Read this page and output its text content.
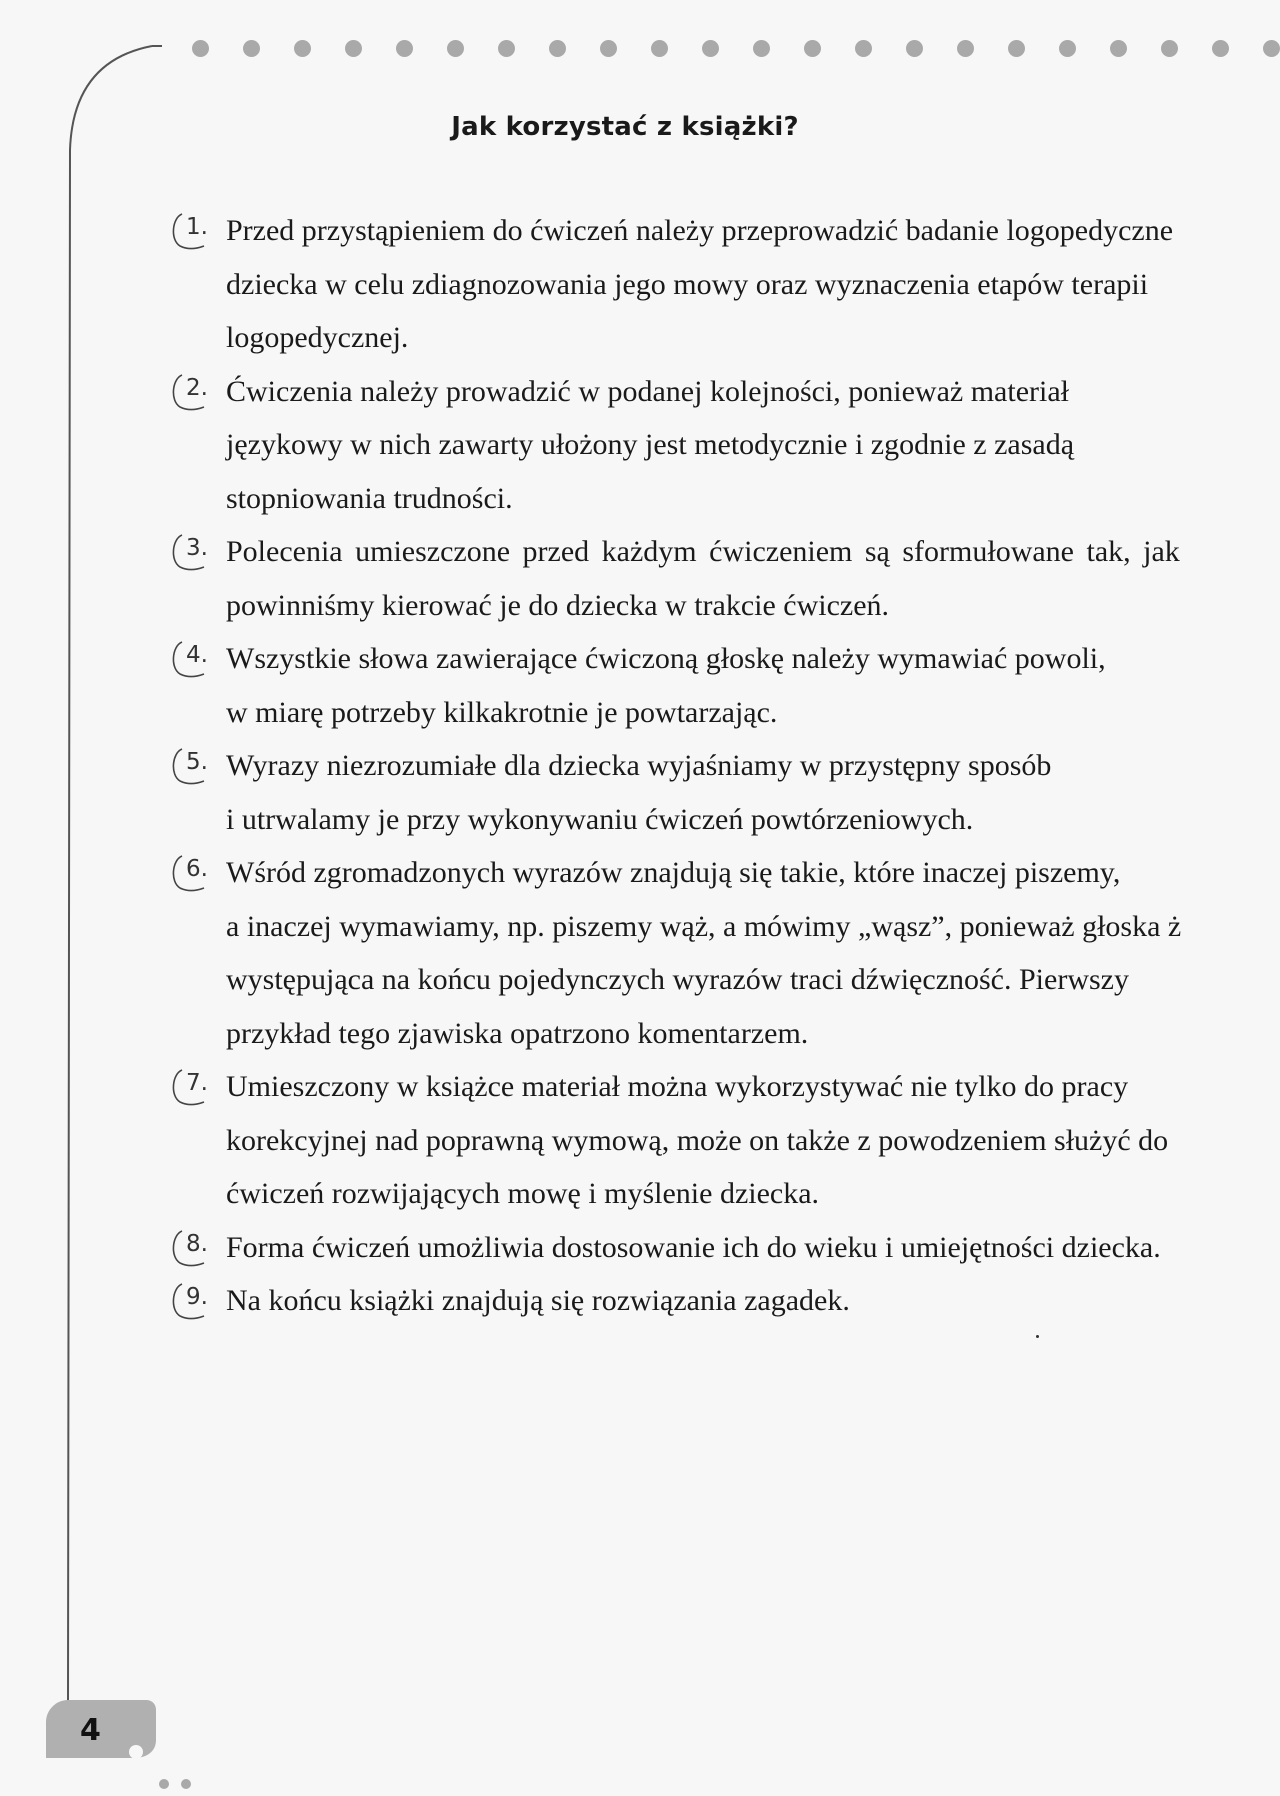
Jak korzystać z książki?
1. Przed przystąpieniem do ćwiczeń należy przeprowadzić badanie logopedyczne
dziecka w celu zdiagnozowania jego mowy oraz wyznaczenia etapów terapii
logopedycznej.
2. Ćwiczenia należy prowadzić w podanej kolejności, ponieważ materiał
językowy w nich zawarty ułożony jest metodycznie i zgodnie z zasadą
stopniowania trudności.
3. Polecenia umieszczone przed każdym ćwiczeniem są sformułowane tak, jak
powinniśmy kierować je do dziecka w trakcie ćwiczeń.
4. Wszystkie słowa zawierające ćwiczoną głoskę należy wymawiać powoli,
w miarę potrzeby kilkakrotnie je powtarzając.
5. Wyrazy niezrozumiałe dla dziecka wyjaśniamy w przystępny sposób
i utrwalamy je przy wykonywaniu ćwiczeń powtórzeniowych.
6. Wśród zgromadzonych wyrazów znajdują się takie, które inaczej piszemy,
a inaczej wymawiamy, np. piszemy wąż, a mówimy „wąsz”, ponieważ głoska ż
występująca na końcu pojedynczych wyrazów traci dźwięczność. Pierwszy
przykład tego zjawiska opatrzono komentarzem.
7. Umieszczony w książce materiał można wykorzystywać nie tylko do pracy
korekcyjnej nad poprawną wymową, może on także z powodzeniem służyć do
ćwiczeń rozwijających mowę i myślenie dziecka.
8. Forma ćwiczeń umożliwia dostosowanie ich do wieku i umiejętności dziecka.
9. Na końcu książki znajdują się rozwiązania zagadek.
4
